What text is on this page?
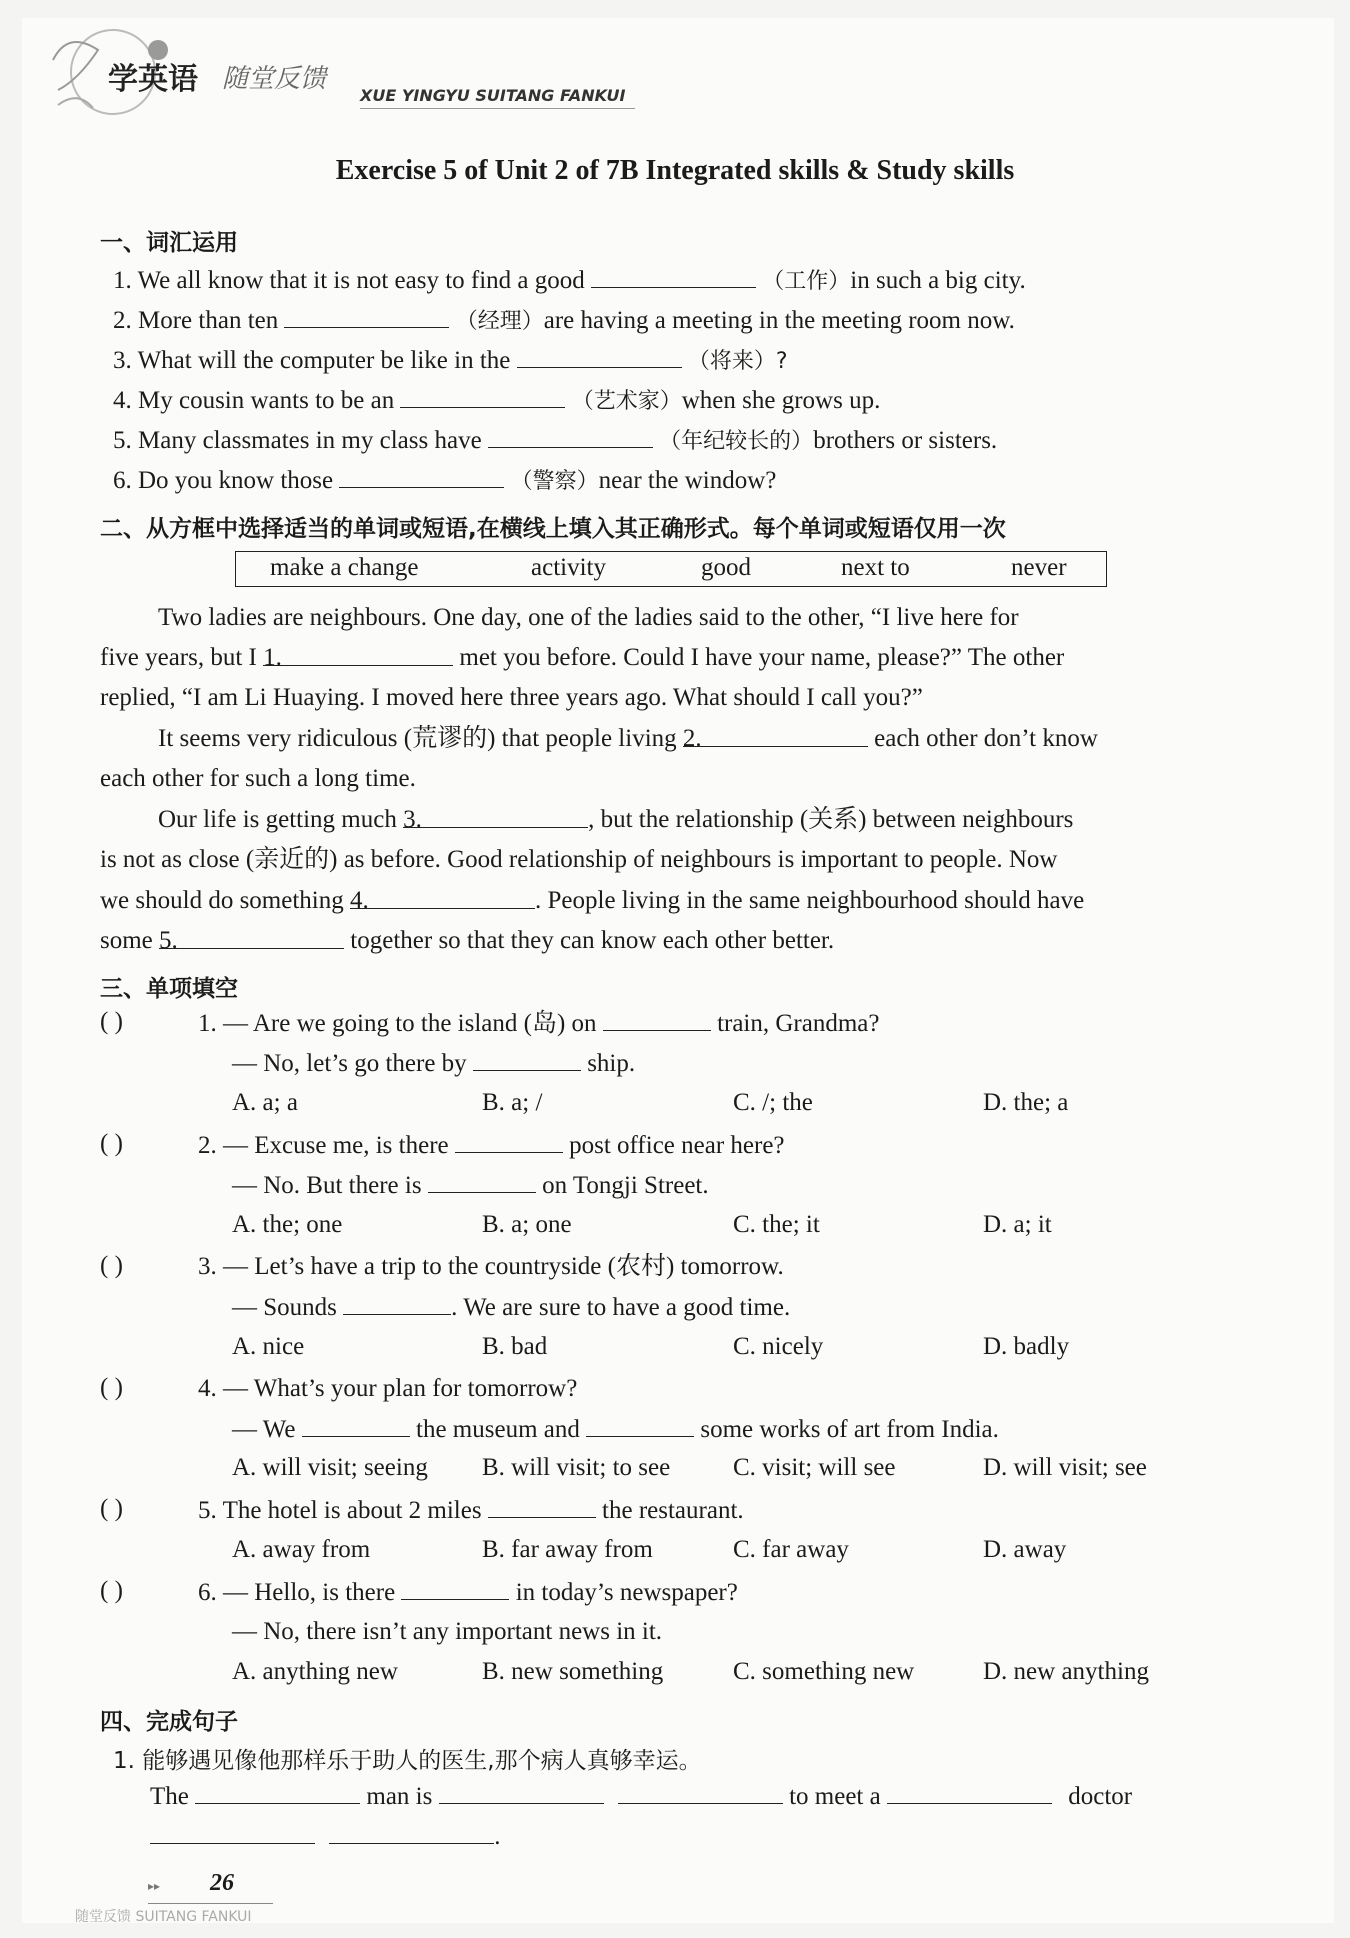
学英语 随堂反馈
XUE YINGYU SUITANG FANKUI
Exercise 5 of Unit 2 of 7B Integrated skills & Study skills
一、词汇运用
1. We all know that it is not easy to find a good	（工作）in such a big city.
2. More than ten	（经理）are having a meeting in the meeting room now.
3. What will the computer be like in the	（将来）?
4. My cousin wants to be an	（艺术家）when she grows up.
5. Many classmates in my class have	（年纪较长的）brothers or sisters.
6. Do you know those	（警察）near the window?
二、从方框中选择适当的单词或短语,在横线上填入其正确形式。每个单词或短语仅用一次
make a change	activity	good	next to	never
Two ladies are neighbours. One day, one of the ladies said to the other, “I live here for
five years, but I 1.	met you before. Could I have your name, please?” The other
replied, “I am Li Huaying. I moved here three years ago. What should I call you?”
It seems very ridiculous (荒谬的) that people living 2.	each other don’t know
each other for such a long time.
Our life is getting much 3.	, but the relationship (关系) between neighbours
is not as close (亲近的) as before. Good relationship of neighbours is important to people. Now
we should do something 4.	. People living in the same neighbourhood should have
some 5.	together so that they can know each other better.
三、单项填空
( )	1. — Are we going to the island (岛) on	train, Grandma?
— No, let’s go there by	ship.
A. a; a	B. a; /	C. /; the	D. the; a
( )	2. — Excuse me, is there	post office near here?
— No. But there is	on Tongji Street.
A. the; one	B. a; one	C. the; it	D. a; it
( )	3. — Let’s have a trip to the countryside (农村) tomorrow.
— Sounds	. We are sure to have a good time.
A. nice	B. bad	C. nicely	D. badly
( )	4. — What’s your plan for tomorrow?
— We	the museum and	some works of art from India.
A. will visit; seeing B. will visit; to see	C. visit; will see	D. will visit; see
( )	5. The hotel is about 2 miles	the restaurant.
A. away from	B. far away from	C. far away	D. away
( )	6. — Hello, is there	in today’s newspaper?
— No, there isn’t any important news in it.
A. anything new	B. new something	C. something new	D. new anything
四、完成句子
1. 能够遇见像他那样乐于助人的医生,那个病人真够幸运。
The	man is	to meet a	doctor
.
▸▸ 26
随堂反馈 SUITANG FANKUI
